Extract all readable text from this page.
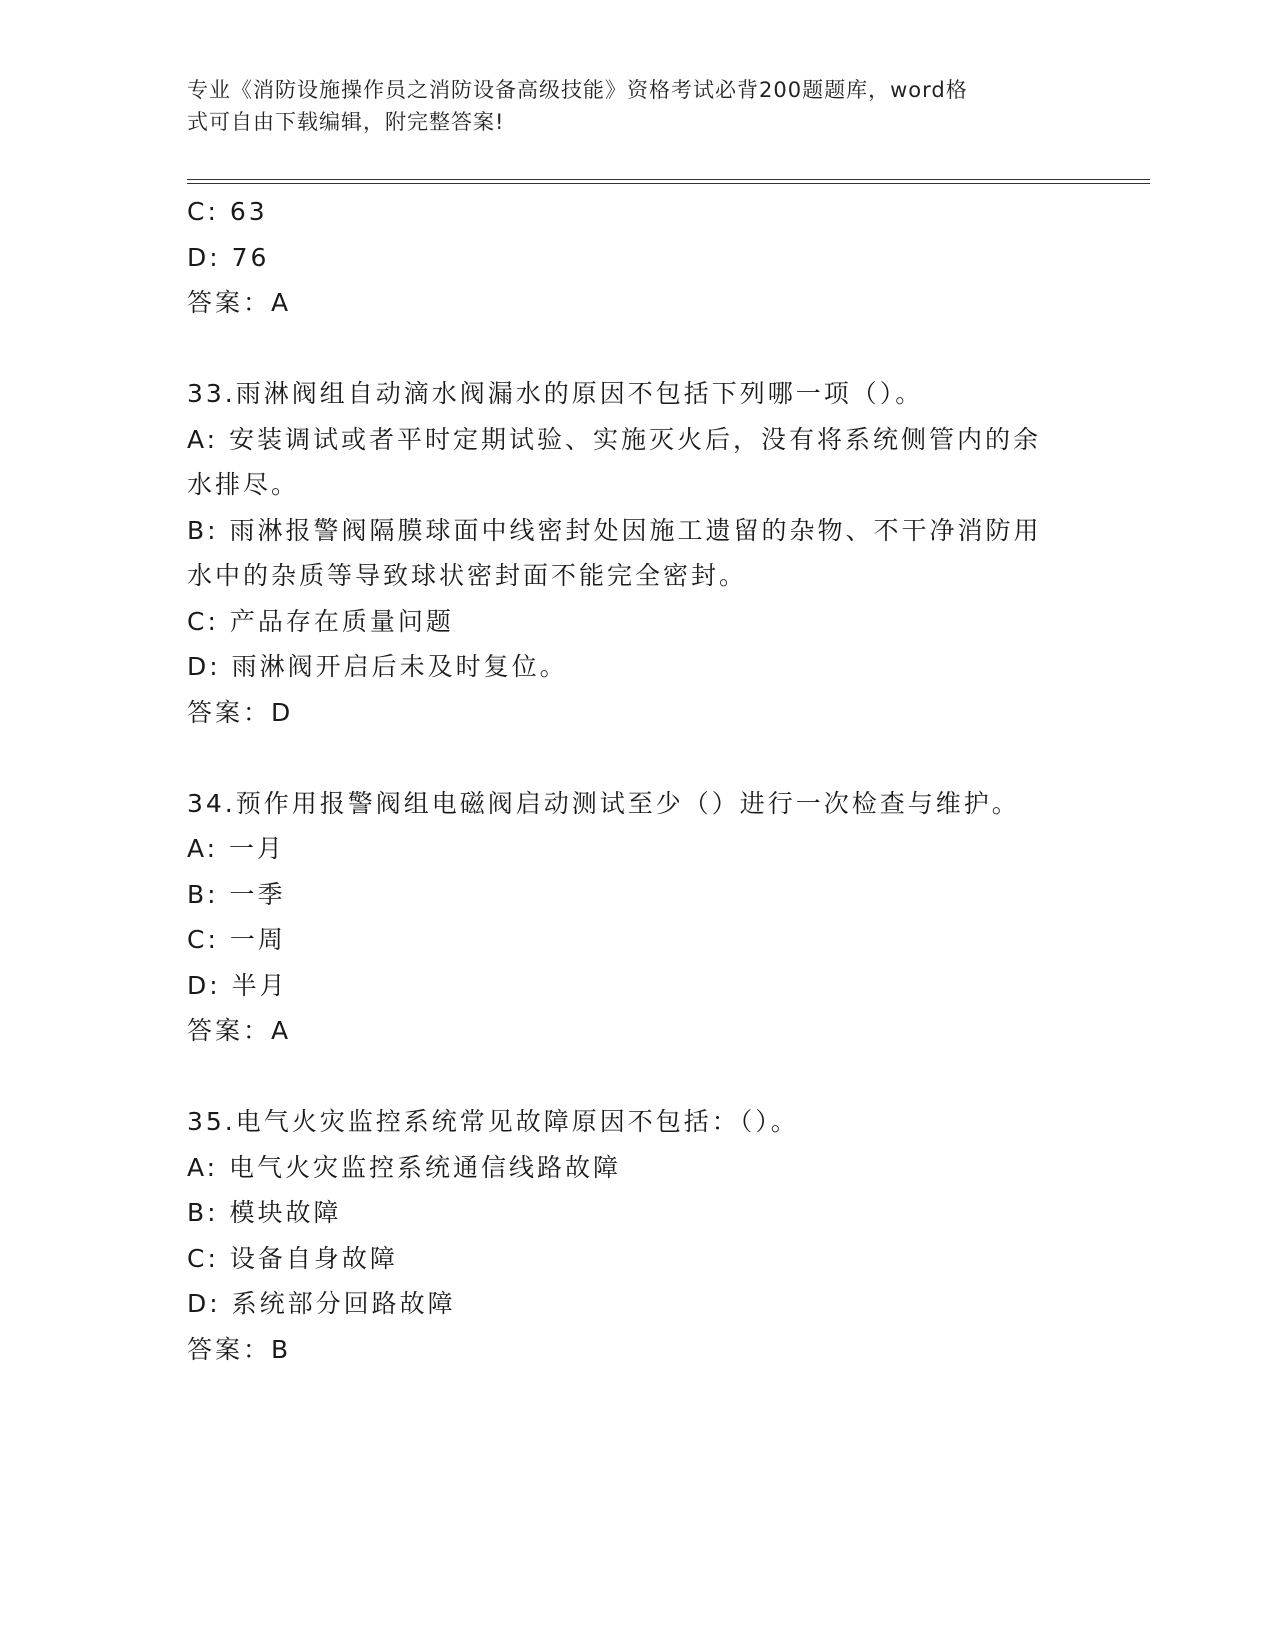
专业《消防设施操作员之消防设备高级技能》资格考试必背200题题库，word格
式可自由下载编辑，附完整答案!
C: 63
D: 76
答案：A
33.雨淋阀组自动滴水阀漏水的原因不包括下列哪一项（）。
A: 安装调试或者平时定期试验、实施灭火后，没有将系统侧管内的余
水排尽。
B: 雨淋报警阀隔膜球面中线密封处因施工遗留的杂物、不干净消防用
水中的杂质等导致球状密封面不能完全密封。
C: 产品存在质量问题
D: 雨淋阀开启后未及时复位。
答案：D
34.预作用报警阀组电磁阀启动测试至少（）进行一次检查与维护。
A: 一月
B: 一季
C: 一周
D: 半月
答案：A
35.电气火灾监控系统常见故障原因不包括：（）。
A: 电气火灾监控系统通信线路故障
B: 模块故障
C: 设备自身故障
D: 系统部分回路故障
答案：B
